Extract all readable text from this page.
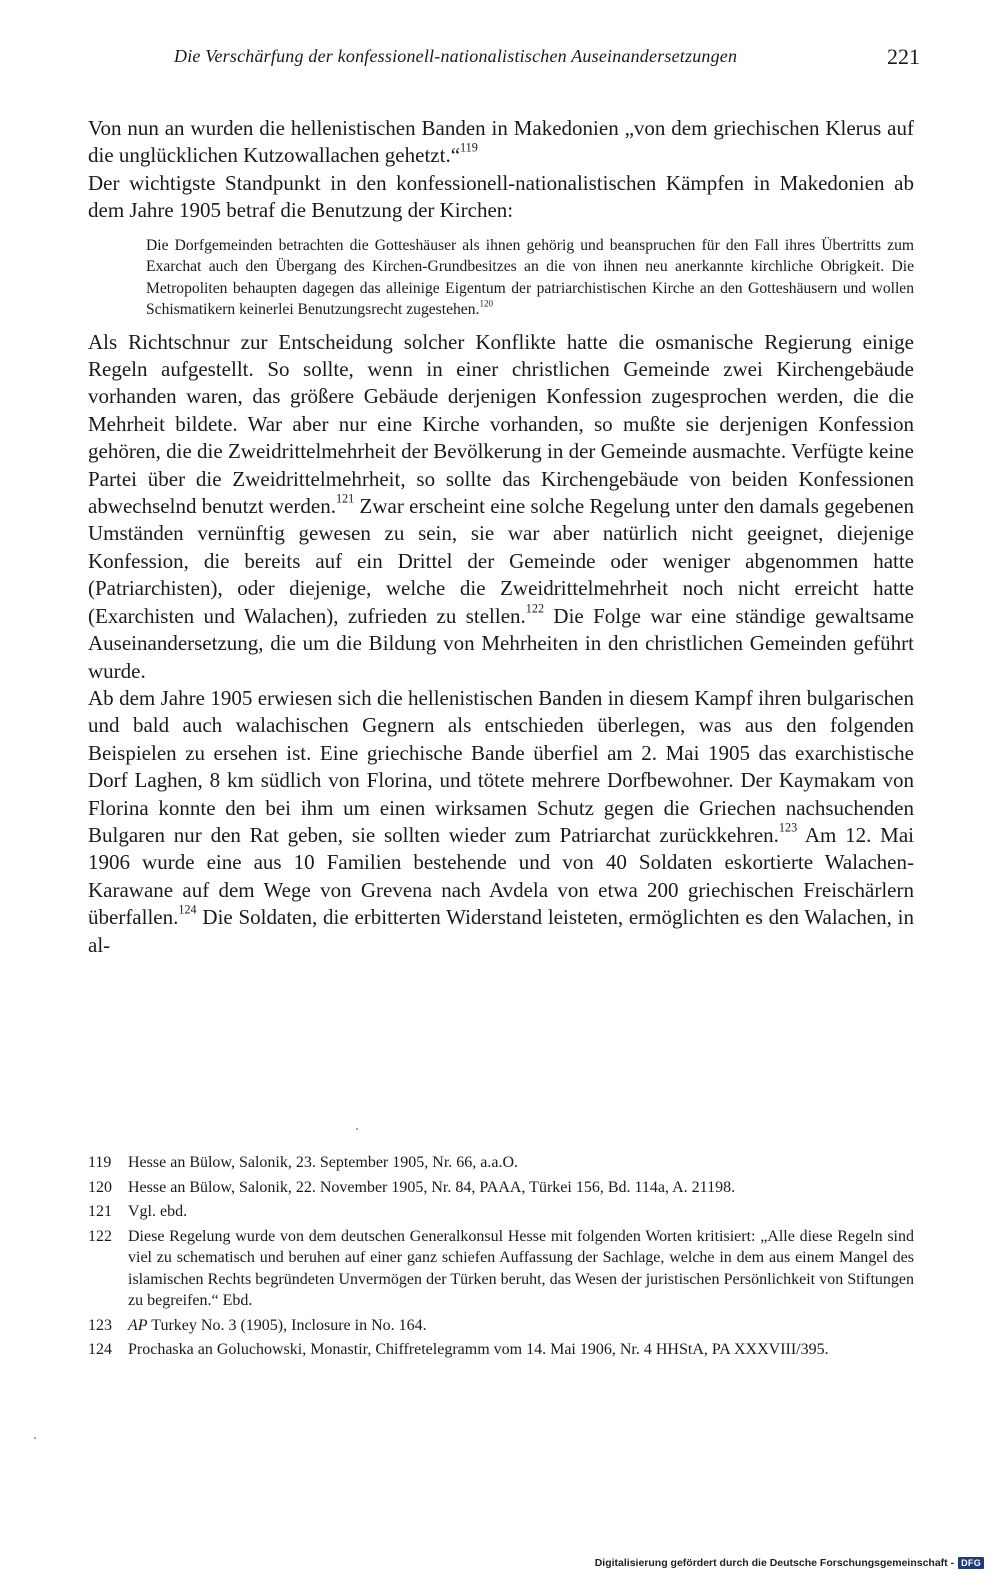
Die Verschärfung der konfessionell-nationalistischen Auseinandersetzungen	221

Von nun an wurden die hellenistischen Banden in Makedonien „von dem griechischen Klerus auf die unglücklichen Kutzowallachen gehetzt.“$^{119}$

Der wichtigste Standpunkt in den konfessionell-nationalistischen Kämpfen in Makedonien ab dem Jahre 1905 betraf die Benutzung der Kirchen:

Die Dorfgemeinden betrachten die Gotteshäuser als ihnen gehörig und beanspruchen für den Fall ihres Übertritts zum Exarchat auch den Übergang des Kirchen-Grundbesitzes an die von ihnen neu anerkannte kirchliche Obrigkeit. Die Metropoliten behaupten dagegen das alleinige Eigentum der patriarchistischen Kirche an den Gotteshäusern und wollen Schismatikern keinerlei Benutzungsrecht zugestehen.$^{120}$

Als Richtschnur zur Entscheidung solcher Konflikte hatte die osmanische Regierung einige Regeln aufgestellt. So sollte, wenn in einer christlichen Gemeinde zwei Kirchengebäude vorhanden waren, das größere Gebäude derjenigen Konfession zugesprochen werden, die die Mehrheit bildete. War aber nur eine Kirche vorhanden, so mußte sie derjenigen Konfession gehören, die die Zweidrittelmehrheit der Bevölkerung in der Gemeinde ausmachte. Verfügte keine Partei über die Zweidrittelmehrheit, so sollte das Kirchengebäude von beiden Konfessionen abwechselnd benutzt werden.$^{121}$ Zwar erscheint eine solche Regelung unter den damals gegebenen Umständen vernünftig gewesen zu sein, sie war aber natürlich nicht geeignet, diejenige Konfession, die bereits auf ein Drittel der Gemeinde oder weniger abgenommen hatte (Patriarchisten), oder diejenige, welche die Zweidrittelmehrheit noch nicht erreicht hatte (Exarchisten und Walachen), zufrieden zu stellen.$^{122}$ Die Folge war eine ständige gewaltsame Auseinandersetzung, die um die Bildung von Mehrheiten in den christlichen Gemeinden geführt wurde.

Ab dem Jahre 1905 erwiesen sich die hellenistischen Banden in diesem Kampf ihren bulgarischen und bald auch walachischen Gegnern als entschieden überlegen, was aus den folgenden Beispielen zu ersehen ist. Eine griechische Bande überfiel am 2. Mai 1905 das exarchistische Dorf Laghen, 8 km südlich von Florina, und tötete mehrere Dorfbewohner. Der Kaymakam von Florina konnte den bei ihm um einen wirksamen Schutz gegen die Griechen nachsuchenden Bulgaren nur den Rat geben, sie sollten wieder zum Patriarchat zurückkehren.$^{123}$ Am 12. Mai 1906 wurde eine aus 10 Familien bestehende und von 40 Soldaten eskortierte Walachen-Karawane auf dem Wege von Grevena nach Avdela von etwa 200 griechischen Freischärlern überfallen.$^{124}$ Die Soldaten, die erbitterten Widerstand leisteten, ermöglichten es den Walachen, in al-

119	Hesse an Bülow, Salonik, 23. September 1905, Nr. 66, a.a.O.
120	Hesse an Bülow, Salonik, 22. November 1905, Nr. 84, PAAA, Türkei 156, Bd. 114a, A. 21198.
121	Vgl. ebd.
122	Diese Regelung wurde von dem deutschen Generalkonsul Hesse mit folgenden Worten kritisiert: „Alle diese Regeln sind viel zu schematisch und beruhen auf einer ganz schiefen Auffassung der Sachlage, welche in dem aus einem Mangel des islamischen Rechts begründeten Unvermögen der Türken beruht, das Wesen der juristischen Persönlichkeit von Stiftungen zu begreifen.“ Ebd.
123	AP Turkey No. 3 (1905), Inclosure in No. 164.
124	Prochaska an Goluchowski, Monastir, Chiffretelegramm vom 14. Mai 1906, Nr. 4 HHStA, PA XXXVIII/395.
Digitalisierung gefördert durch die Deutsche Forschungsgemeinschaft - DFG
